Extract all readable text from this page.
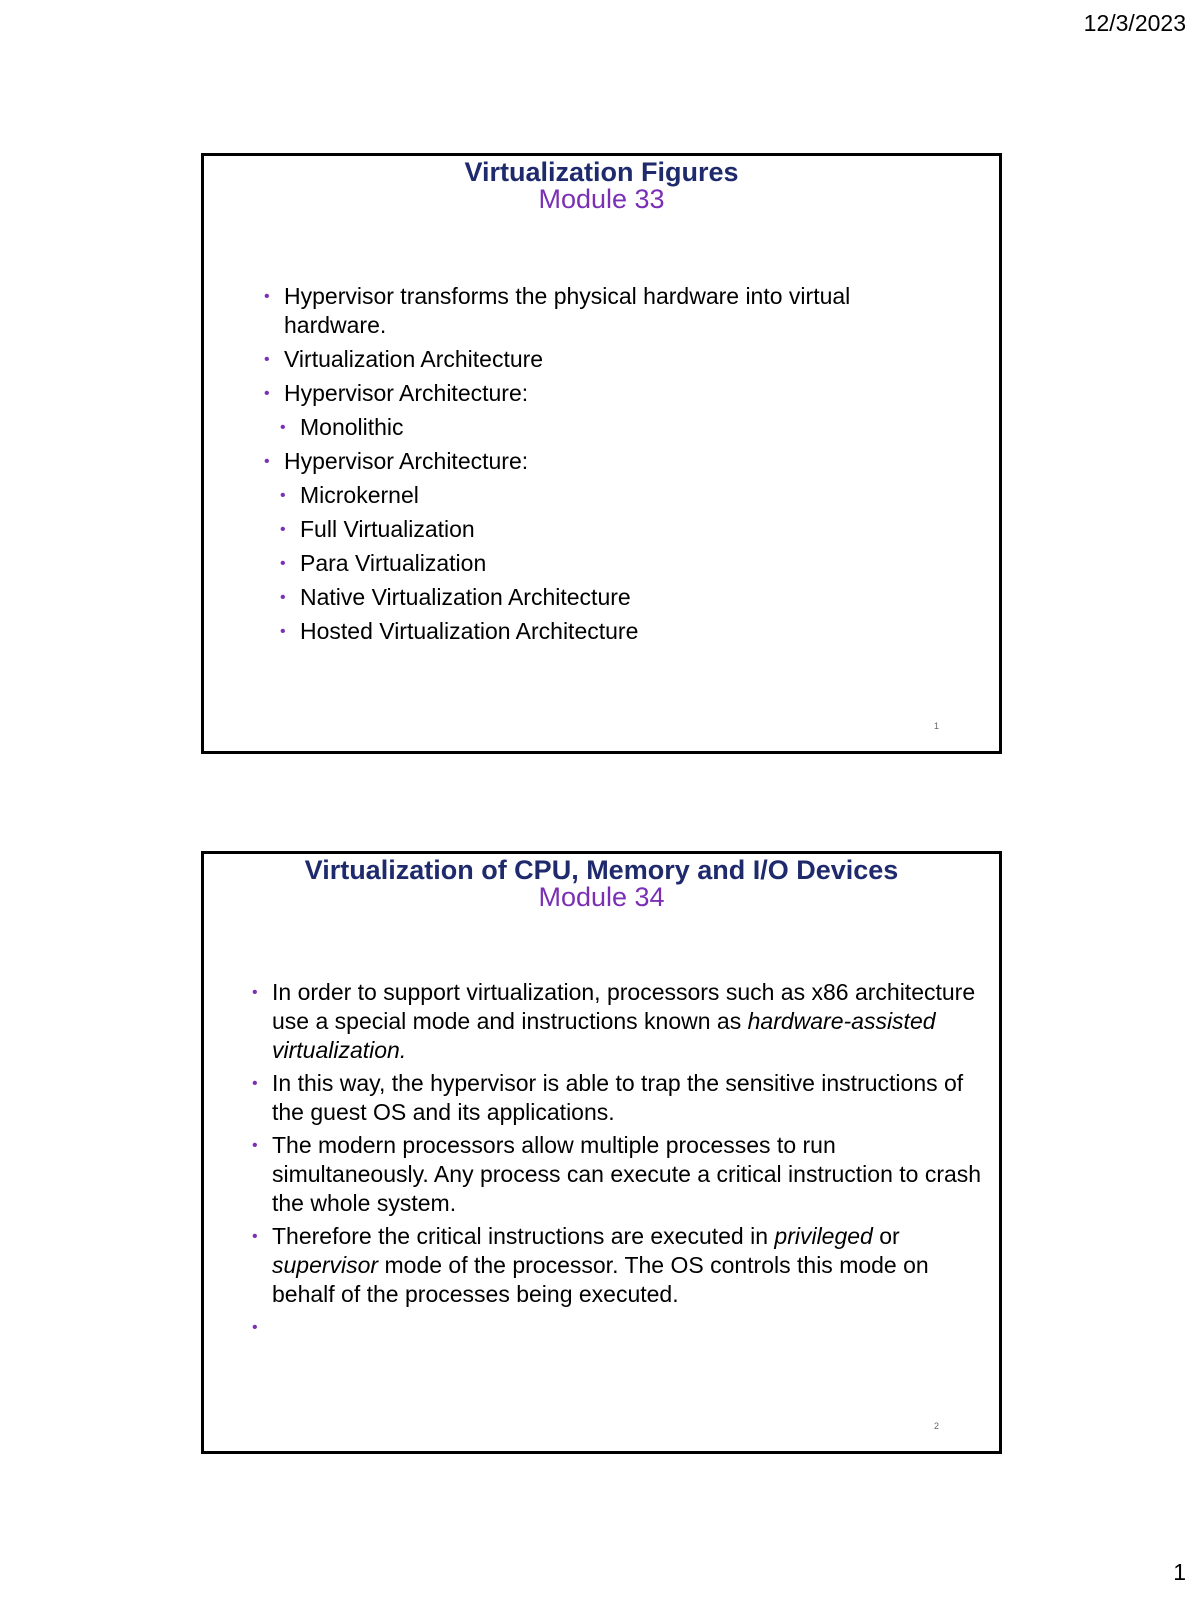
12/3/2023
Virtualization Figures
Module 33
• Hypervisor transforms the physical hardware into virtual hardware.
• Virtualization Architecture
• Hypervisor Architecture:
• Monolithic
• Hypervisor Architecture:
• Microkernel
• Full Virtualization
• Para Virtualization
• Native Virtualization Architecture
• Hosted Virtualization Architecture
1
Virtualization of CPU, Memory and I/O Devices
Module 34
• In order to support virtualization, processors such as x86 architecture use a special mode and instructions known as hardware-assisted virtualization.
• In this way, the hypervisor is able to trap the sensitive instructions of the guest OS and its applications.
• The modern processors allow multiple processes to run simultaneously. Any process can execute a critical instruction to crash the whole system.
• Therefore the critical instructions are executed in privileged or supervisor mode of the processor. The OS controls this mode on behalf of the processes being executed.
•
2
1
